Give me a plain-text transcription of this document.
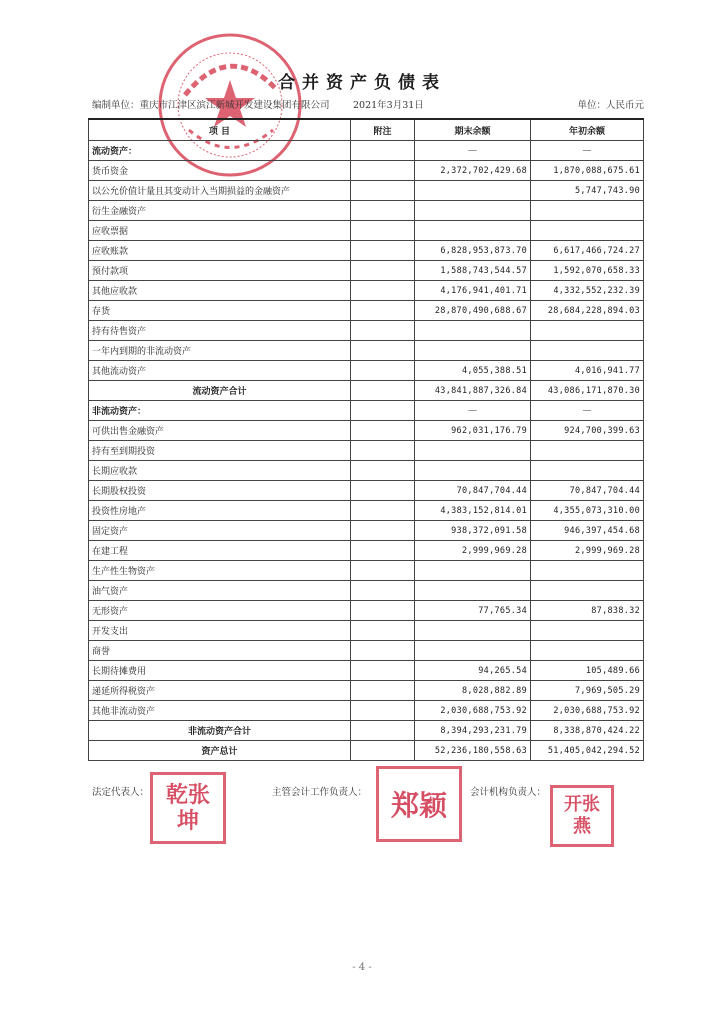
合并资产负债表
编制单位：重庆市江津区滨江新城开发建设集团有限公司 2021年3月31日	单位：人民币元
项 目	附注	期末余额	年初余额
流动资产：		—	—
货币资金		2,372,702,429.68	1,870,088,675.61
以公允价值计量且其变动计入当期损益的金融资产			5,747,743.90
衍生金融资产			
应收票据			
应收账款		6,828,953,873.70	6,617,466,724.27
预付款项		1,588,743,544.57	1,592,070,658.33
其他应收款		4,176,941,401.71	4,332,552,232.39
存货		28,870,490,688.67	28,684,228,894.03
持有待售资产			
一年内到期的非流动资产			
其他流动资产		4,055,388.51	4,016,941.77
流动资产合计		43,841,887,326.84	43,086,171,870.30
非流动资产：		—	—
可供出售金融资产		962,031,176.79	924,700,399.63
持有至到期投资			
长期应收款			
长期股权投资		70,847,704.44	70,847,704.44
投资性房地产		4,383,152,814.01	4,355,073,310.00
固定资产		938,372,091.58	946,397,454.68
在建工程		2,999,969.28	2,999,969.28
生产性生物资产			
油气资产			
无形资产		77,765.34	87,838.32
开发支出			
商誉			
长期待摊费用		94,265.54	105,489.66
递延所得税资产		8,028,882.89	7,969,505.29
其他非流动资产		2,030,688,753.92	2,030,688,753.92
非流动资产合计		8,394,293,231.79	8,338,870,424.22
资产总计		52,236,180,558.63	51,405,042,294.52
法定代表人： 乾张坤
主管会计工作负责人： 郑颖 会计机构负责人：
开张燕
- 4 -
